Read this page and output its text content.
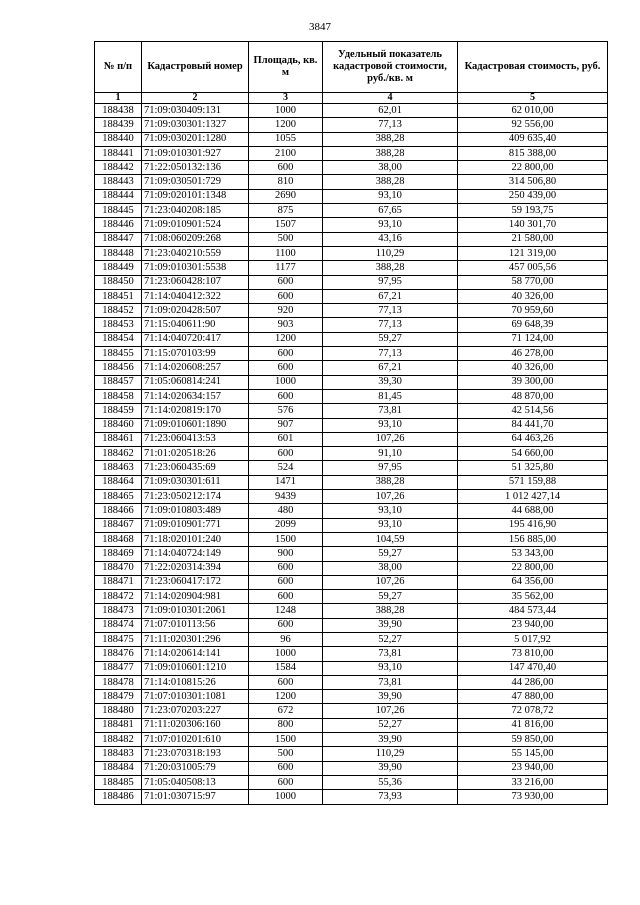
3847
№ п/п	Кадастровый номер	Площадь, кв. м	Удельный показатель кадастровой стоимости, руб./кв. м	Кадастровая стоимость, руб.
1	2	3	4	5
188438	71:09:030409:131	1000	62,01	62 010,00
188439	71:09:030301:1327	1200	77,13	92 556,00
188440	71:09:030201:1280	1055	388,28	409 635,40
188441	71:09:010301:927	2100	388,28	815 388,00
188442	71:22:050132:136	600	38,00	22 800,00
188443	71:09:030501:729	810	388,28	314 506,80
188444	71:09:020101:1348	2690	93,10	250 439,00
188445	71:23:040208:185	875	67,65	59 193,75
188446	71:09:010901:524	1507	93,10	140 301,70
188447	71:08:060209:268	500	43,16	21 580,00
188448	71:23:040210:559	1100	110,29	121 319,00
188449	71:09:010301:5538	1177	388,28	457 005,56
188450	71:23:060428:107	600	97,95	58 770,00
188451	71:14:040412:322	600	67,21	40 326,00
188452	71:09:020428:507	920	77,13	70 959,60
188453	71:15:040611:90	903	77,13	69 648,39
188454	71:14:040720:417	1200	59,27	71 124,00
188455	71:15:070103:99	600	77,13	46 278,00
188456	71:14:020608:257	600	67,21	40 326,00
188457	71:05:060814:241	1000	39,30	39 300,00
188458	71:14:020634:157	600	81,45	48 870,00
188459	71:14:020819:170	576	73,81	42 514,56
188460	71:09:010601:1890	907	93,10	84 441,70
188461	71:23:060413:53	601	107,26	64 463,26
188462	71:01:020518:26	600	91,10	54 660,00
188463	71:23:060435:69	524	97,95	51 325,80
188464	71:09:030301:611	1471	388,28	571 159,88
188465	71:23:050212:174	9439	107,26	1 012 427,14
188466	71:09:010803:489	480	93,10	44 688,00
188467	71:09:010901:771	2099	93,10	195 416,90
188468	71:18:020101:240	1500	104,59	156 885,00
188469	71:14:040724:149	900	59,27	53 343,00
188470	71:22:020314:394	600	38,00	22 800,00
188471	71:23:060417:172	600	107,26	64 356,00
188472	71:14:020904:981	600	59,27	35 562,00
188473	71:09:010301:2061	1248	388,28	484 573,44
188474	71:07:010113:56	600	39,90	23 940,00
188475	71:11:020301:296	96	52,27	5 017,92
188476	71:14:020614:141	1000	73,81	73 810,00
188477	71:09:010601:1210	1584	93,10	147 470,40
188478	71:14:010815:26	600	73,81	44 286,00
188479	71:07:010301:1081	1200	39,90	47 880,00
188480	71:23:070203:227	672	107,26	72 078,72
188481	71:11:020306:160	800	52,27	41 816,00
188482	71:07:010201:610	1500	39,90	59 850,00
188483	71:23:070318:193	500	110,29	55 145,00
188484	71:20:031005:79	600	39,90	23 940,00
188485	71:05:040508:13	600	55,36	33 216,00
188486	71:01:030715:97	1000	73,93	73 930,00
